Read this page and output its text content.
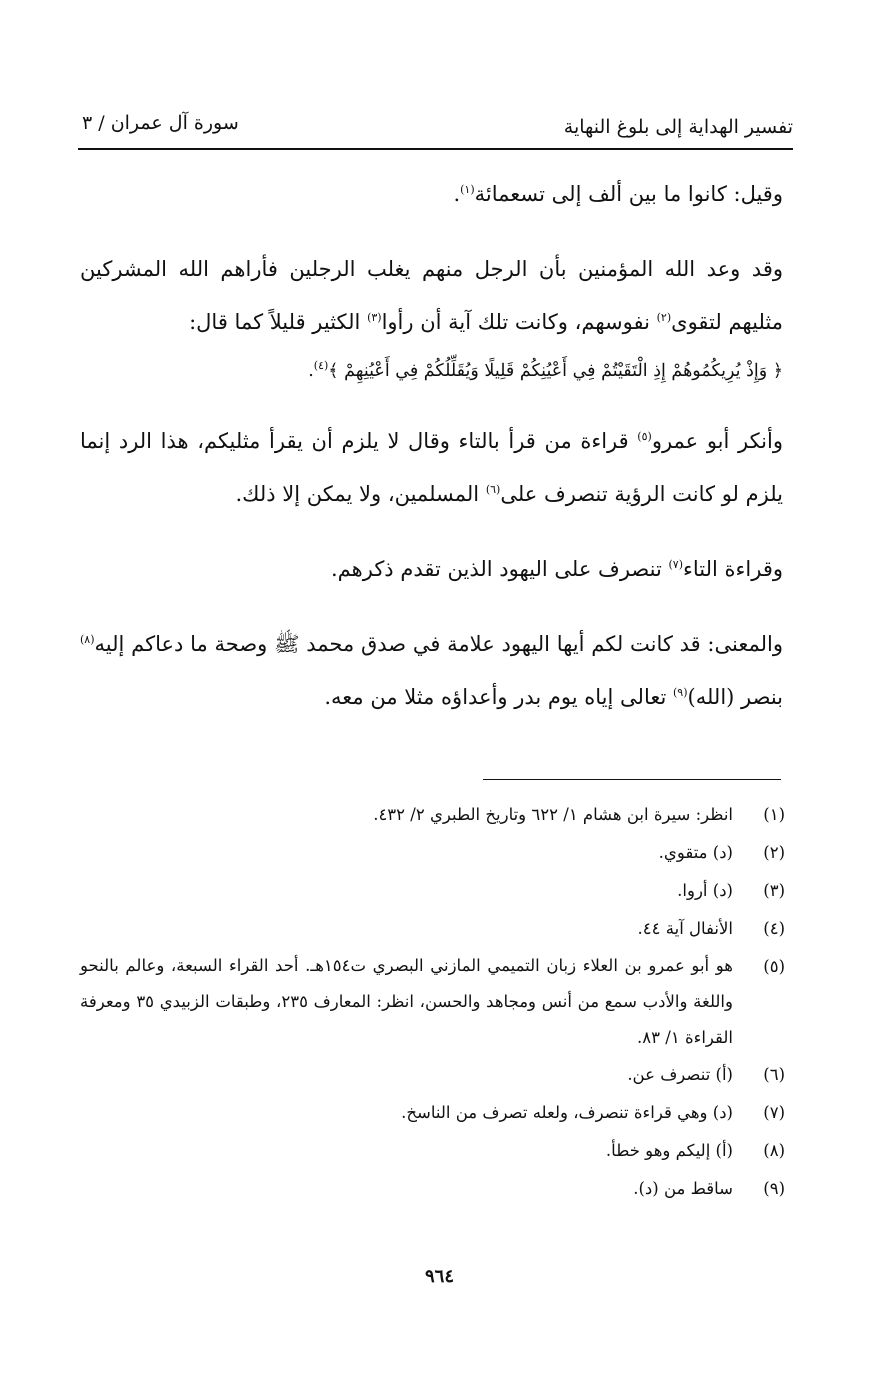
تفسير الهداية إلى بلوغ النهاية
سورة آل عمران / ٣

وقيل: كانوا ما بين ألف إلى تسعمائة$^{(١)}$.

وقد وعد الله المؤمنين بأن الرجل منهم يغلب الرجلين فأراهم الله المشركين مثليهم لتقوى$^{(٢)}$ نفوسهم، وكانت تلك آية أن رأوا$^{(٣)}$ الكثير قليلاً كما قال:

﴿ وَإِذْ يُرِيكُمُوهُمْ إِذِ الْتَقَيْتُمْ فِي أَعْيُنِكُمْ قَلِيلًا وَيُقَلِّلُكُمْ فِي أَعْيُنِهِمْ ﴾$^{(٤)}$.

وأنكر أبو عمرو$^{(٥)}$ قراءة من قرأ بالتاء وقال لا يلزم أن يقرأ مثليكم، هذا الرد إنما يلزم لو كانت الرؤية تنصرف على$^{(٦)}$ المسلمين، ولا يمكن إلا ذلك.

وقراءة التاء$^{(٧)}$ تنصرف على اليهود الذين تقدم ذكرهم.

والمعنى: قد كانت لكم أيها اليهود علامة في صدق محمد ﷺ وصحة ما دعاكم إليه$^{(٨)}$ بنصر (الله)$^{(٩)}$ تعالى إياه يوم بدر وأعداؤه مثلا من معه.

(١)
انظر: سيرة ابن هشام ١/ ٦٢٢ وتاريخ الطبري ٢/ ٤٣٢.
(٢)
(د) متقوي.
(٣)
(د) أروا.
(٤)
الأنفال آية ٤٤.
(٥)
هو أبو عمرو بن العلاء زبان التميمي المازني البصري ت١٥٤هـ. أحد القراء السبعة، وعالم بالنحو واللغة والأدب سمع من أنس ومجاهد والحسن، انظر: المعارف ٢٣٥، وطبقات الزبيدي ٣٥ ومعرفة القراءة ١/ ٨٣.
(٦)
(أ) تنصرف عن.
(٧)
(د) وهي قراءة تنصرف، ولعله تصرف من الناسخ.
(٨)
(أ) إليكم وهو خطأ.
(٩)
ساقط من (د).
٩٦٤
